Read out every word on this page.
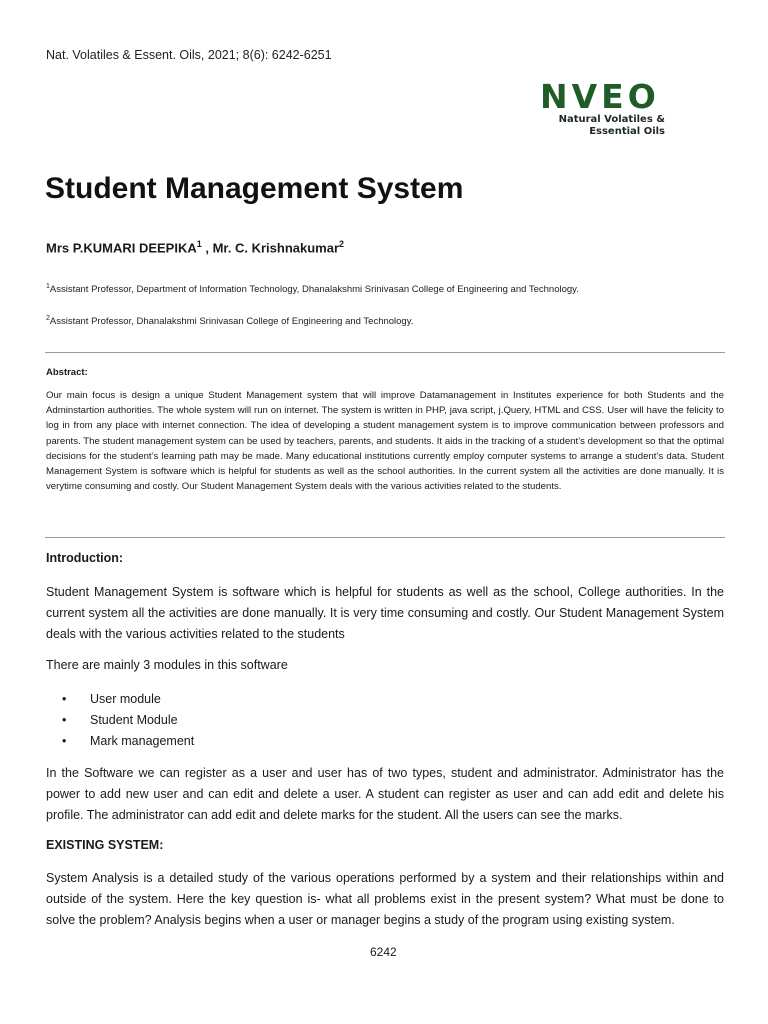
Nat. Volatiles & Essent. Oils, 2021; 8(6): 6242-6251
NVEO
Natural Volatiles &
Essential Oils
Student Management System
Mrs P.KUMARI DEEPIKA$^1$ , Mr. C. Krishnakumar$^2$
$^1$Assistant Professor, Department of Information Technology, Dhanalakshmi Srinivasan College of Engineering and Technology.
$^2$Assistant Professor, Dhanalakshmi Srinivasan College of Engineering and Technology.
Abstract:

Our main focus is design a unique Student Management system that will improve Datamanagement in Institutes experience for both Students and the Adminstartion authorities. The whole system will run on internet. The system is written in PHP, java script, j.Query, HTML and CSS. User will have the felicity to log in from any place with internet connection. The idea of developing a student management system is to improve communication between professors and parents. The student management system can be used by teachers, parents, and students. It aids in the tracking of a student’s development so that the optimal decisions for the student’s learning path may be made. Many educational institutions currently employ computer systems to arrange a student’s data. Student Management System is software which is helpful for students as well as the school authorities. In the current system all the activities are done manually. It is verytime consuming and costly. Our Student Management System deals with the various activities related to the students.

Introduction:

Student Management System is software which is helpful for students as well as the school, College authorities. In the current system all the activities are done manually. It is very time consuming and costly. Our Student Management System deals with the various activities related to the students

There are mainly 3 modules in this software

• User module
• Student Module
• Mark management

In the Software we can register as a user and user has of two types, student and administrator. Administrator has the power to add new user and can edit and delete a user. A student can register as user and can add edit and delete his profile. The administrator can add edit and delete marks for the student. All the users can see the marks.

EXISTING SYSTEM:

System Analysis is a detailed study of the various operations performed by a system and their relationships within and outside of the system. Here the key question is- what all problems exist in the present system? What must be done to solve the problem? Analysis begins when a user or manager begins a study of the program using existing system.

6242
